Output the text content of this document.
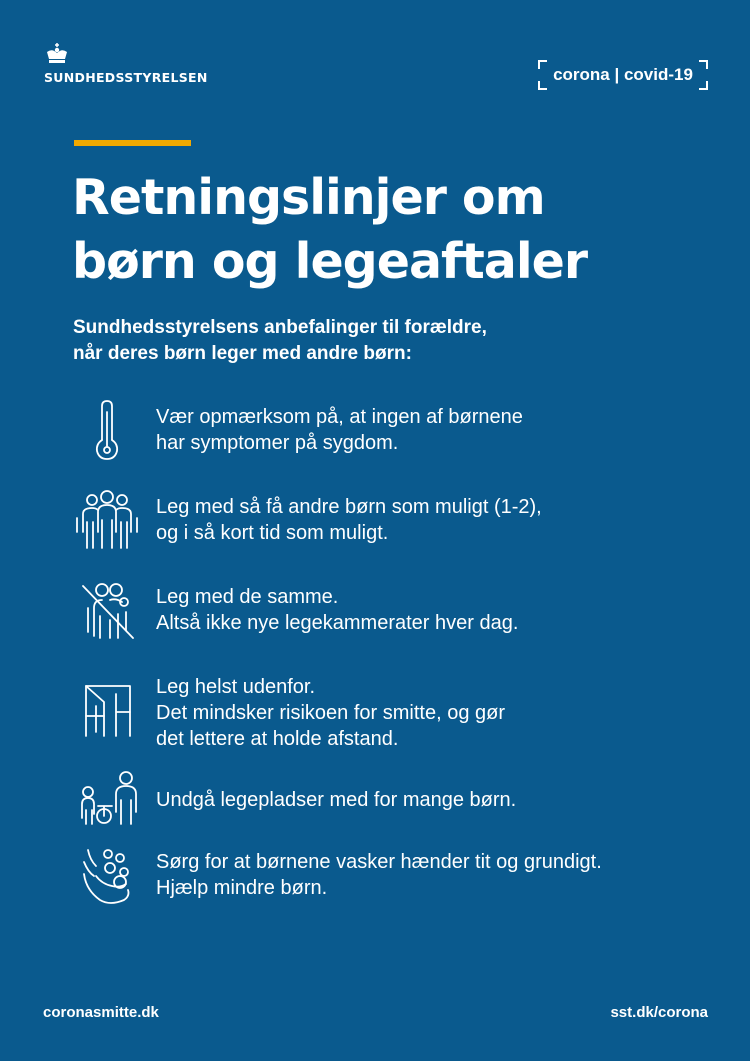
SUNDHEDSSTYRELSEN	corona | covid-19
Retningslinjer om
børn og legeaftaler

Sundhedsstyrelsens anbefalinger til forældre,
når deres børn leger med andre børn:

Vær opmærksom på, at ingen af børnene
har symptomer på sygdom.
Leg med så få andre børn som muligt (1-2),
og i så kort tid som muligt.
Leg med de samme.
Altså ikke nye legekammerater hver dag.
Leg helst udenfor.
Det mindsker risikoen for smitte, og gør
det lettere at holde afstand.
Undgå legepladser med for mange børn.
Sørg for at børnene vasker hænder tit og grundigt.
Hjælp mindre børn.
coronasmitte.dk	sst.dk/corona
